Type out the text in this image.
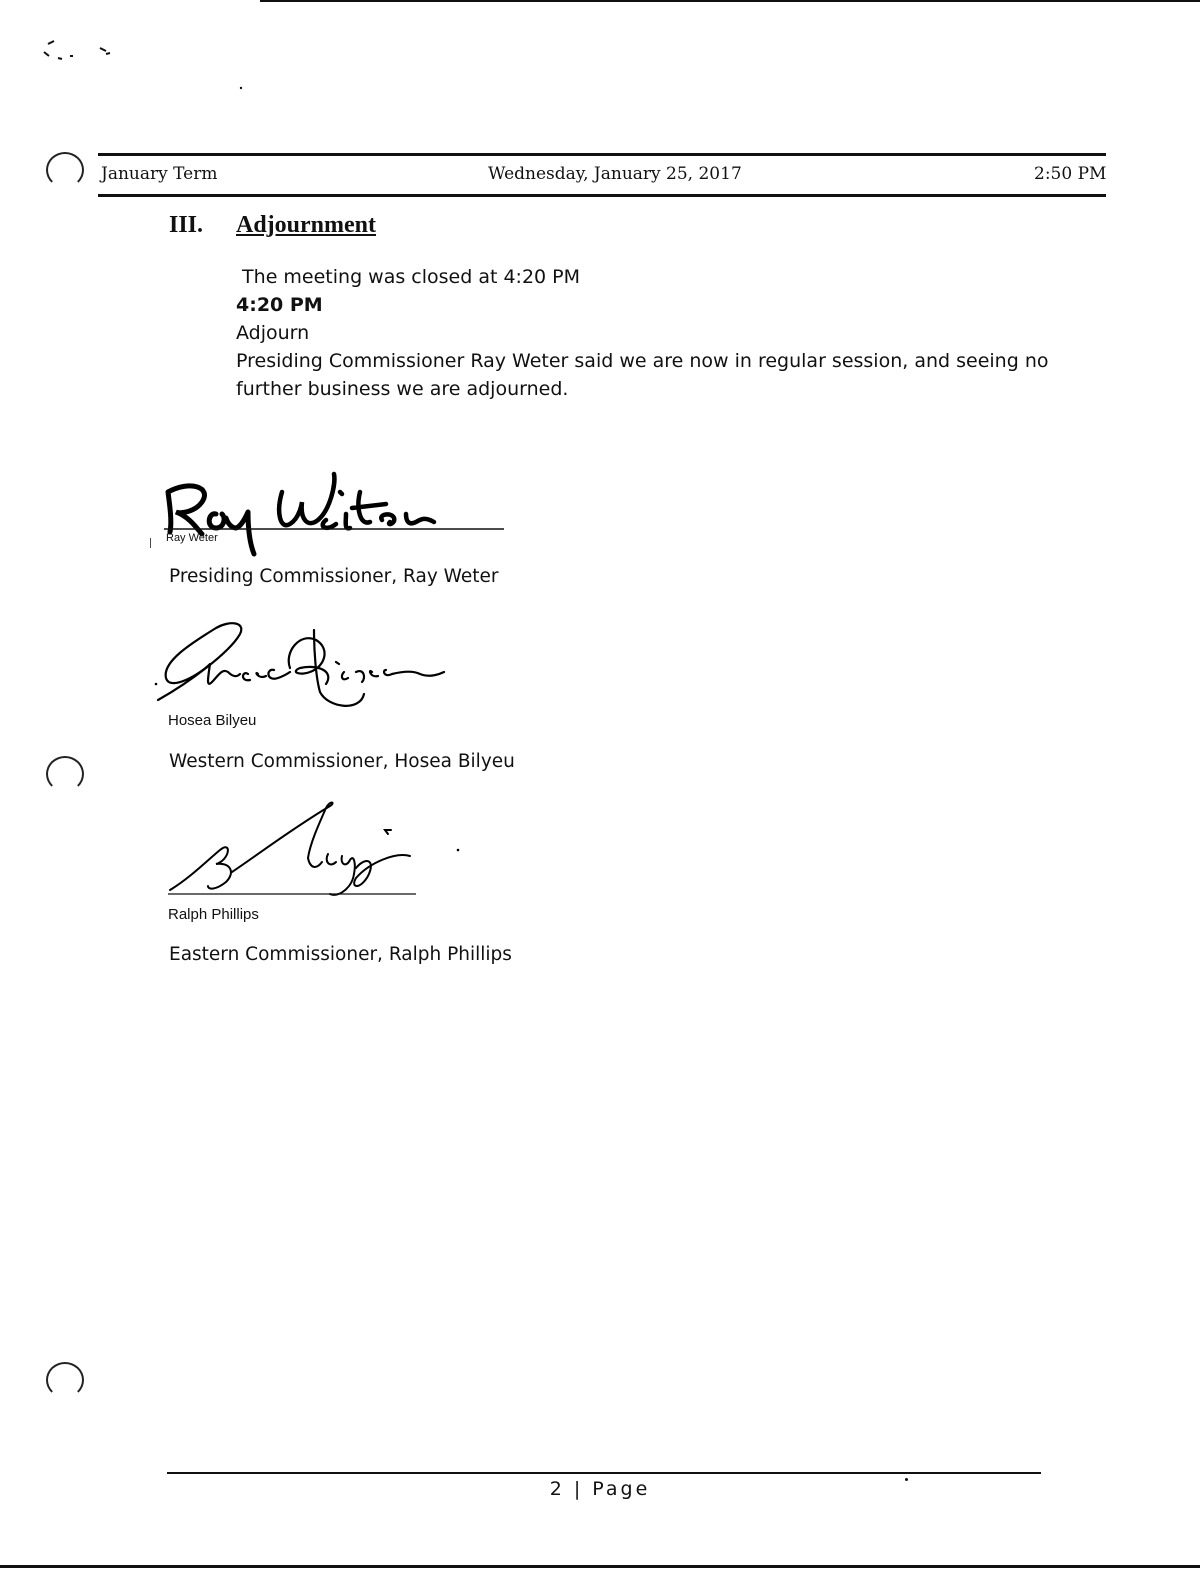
January Term	Wednesday, January 25, 2017	2:50 PM
III. Adjournment
The meeting was closed at 4:20 PM
4:20 PM
Adjourn
Presiding Commissioner Ray Weter said we are now in regular session, and seeing no
further business we are adjourned.
Ray Weter
Presiding Commissioner, Ray Weter
Hosea Bilyeu
Western Commissioner, Hosea Bilyeu
Ralph Phillips
Eastern Commissioner, Ralph Phillips
2 | Page
